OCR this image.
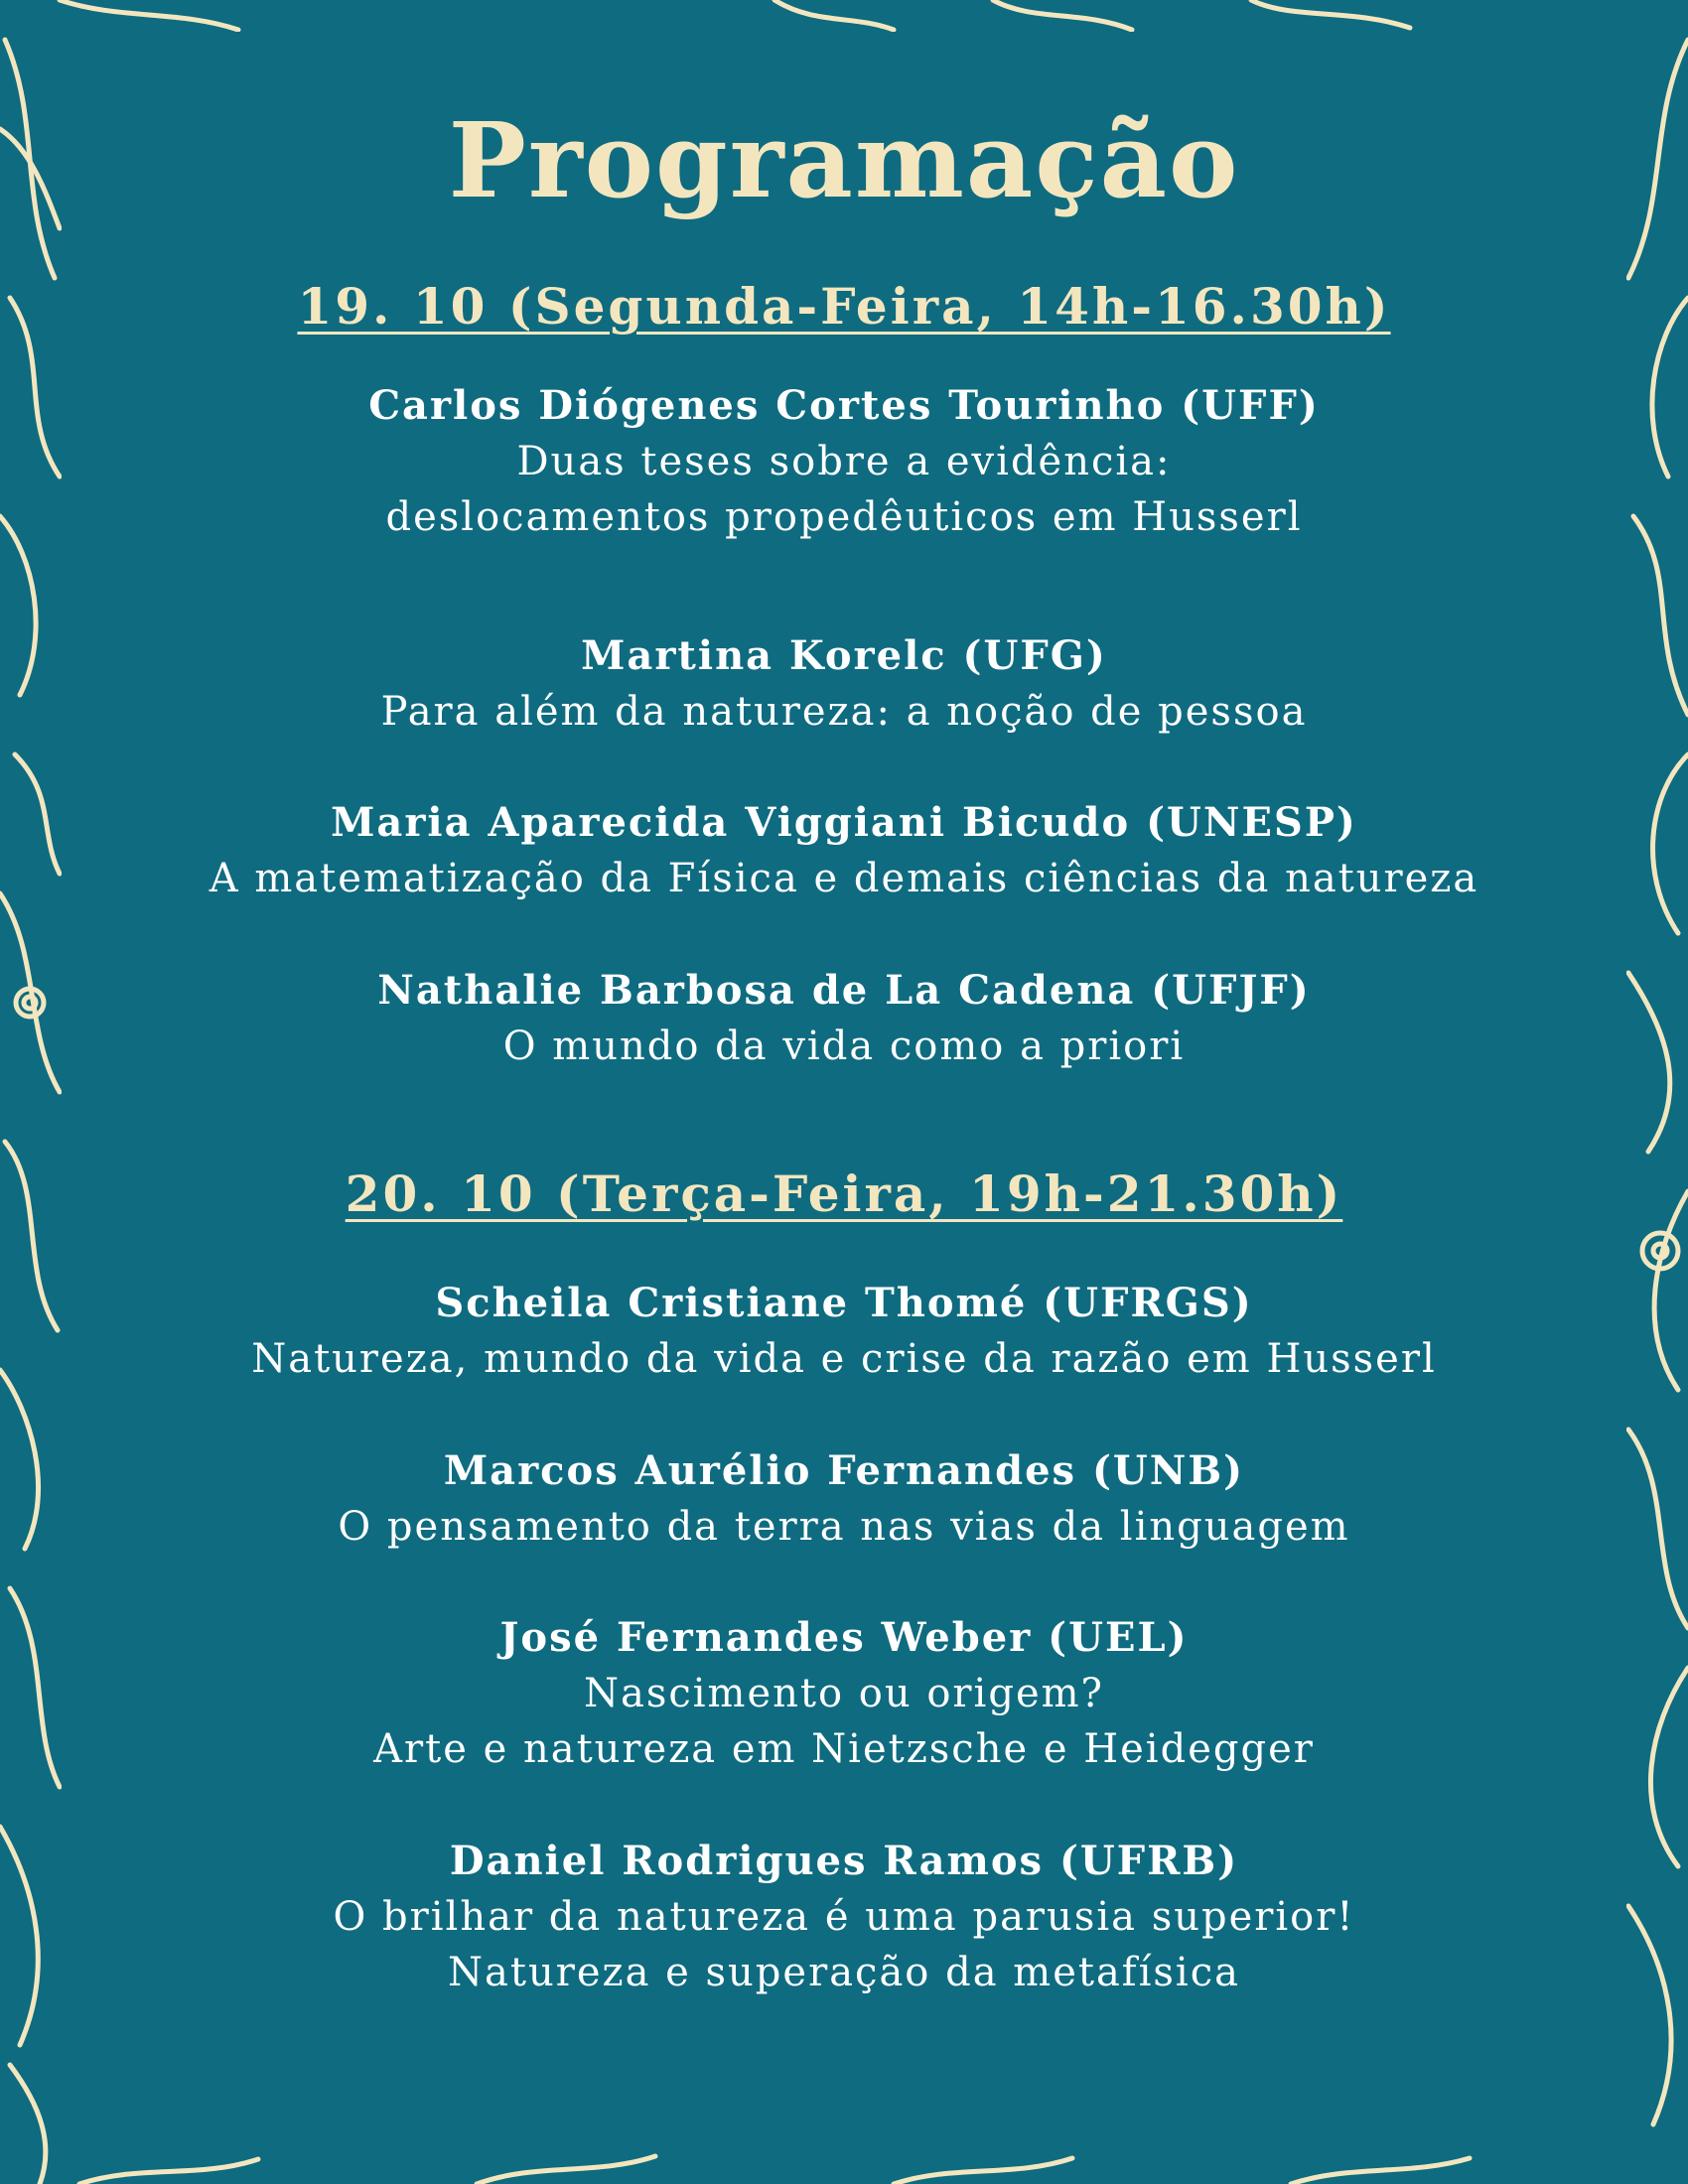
Programação
19. 10 (Segunda-Feira, 14h-16.30h)
Carlos Diógenes Cortes Tourinho (UFF)
Duas teses sobre a evidência:
deslocamentos propedêuticos em Husserl
Martina Korelc (UFG)
Para além da natureza: a noção de pessoa
Maria Aparecida Viggiani Bicudo (UNESP)
A matematização da Física e demais ciências da natureza
Nathalie Barbosa de La Cadena (UFJF)
O mundo da vida como a priori
20. 10 (Terça-Feira, 19h-21.30h)
Scheila Cristiane Thomé (UFRGS)
Natureza, mundo da vida e crise da razão em Husserl
Marcos Aurélio Fernandes (UNB)
O pensamento da terra nas vias da linguagem
José Fernandes Weber (UEL)
Nascimento ou origem?
Arte e natureza em Nietzsche e Heidegger
Daniel Rodrigues Ramos (UFRB)
O brilhar da natureza é uma parusia superior!
Natureza e superação da metafísica
